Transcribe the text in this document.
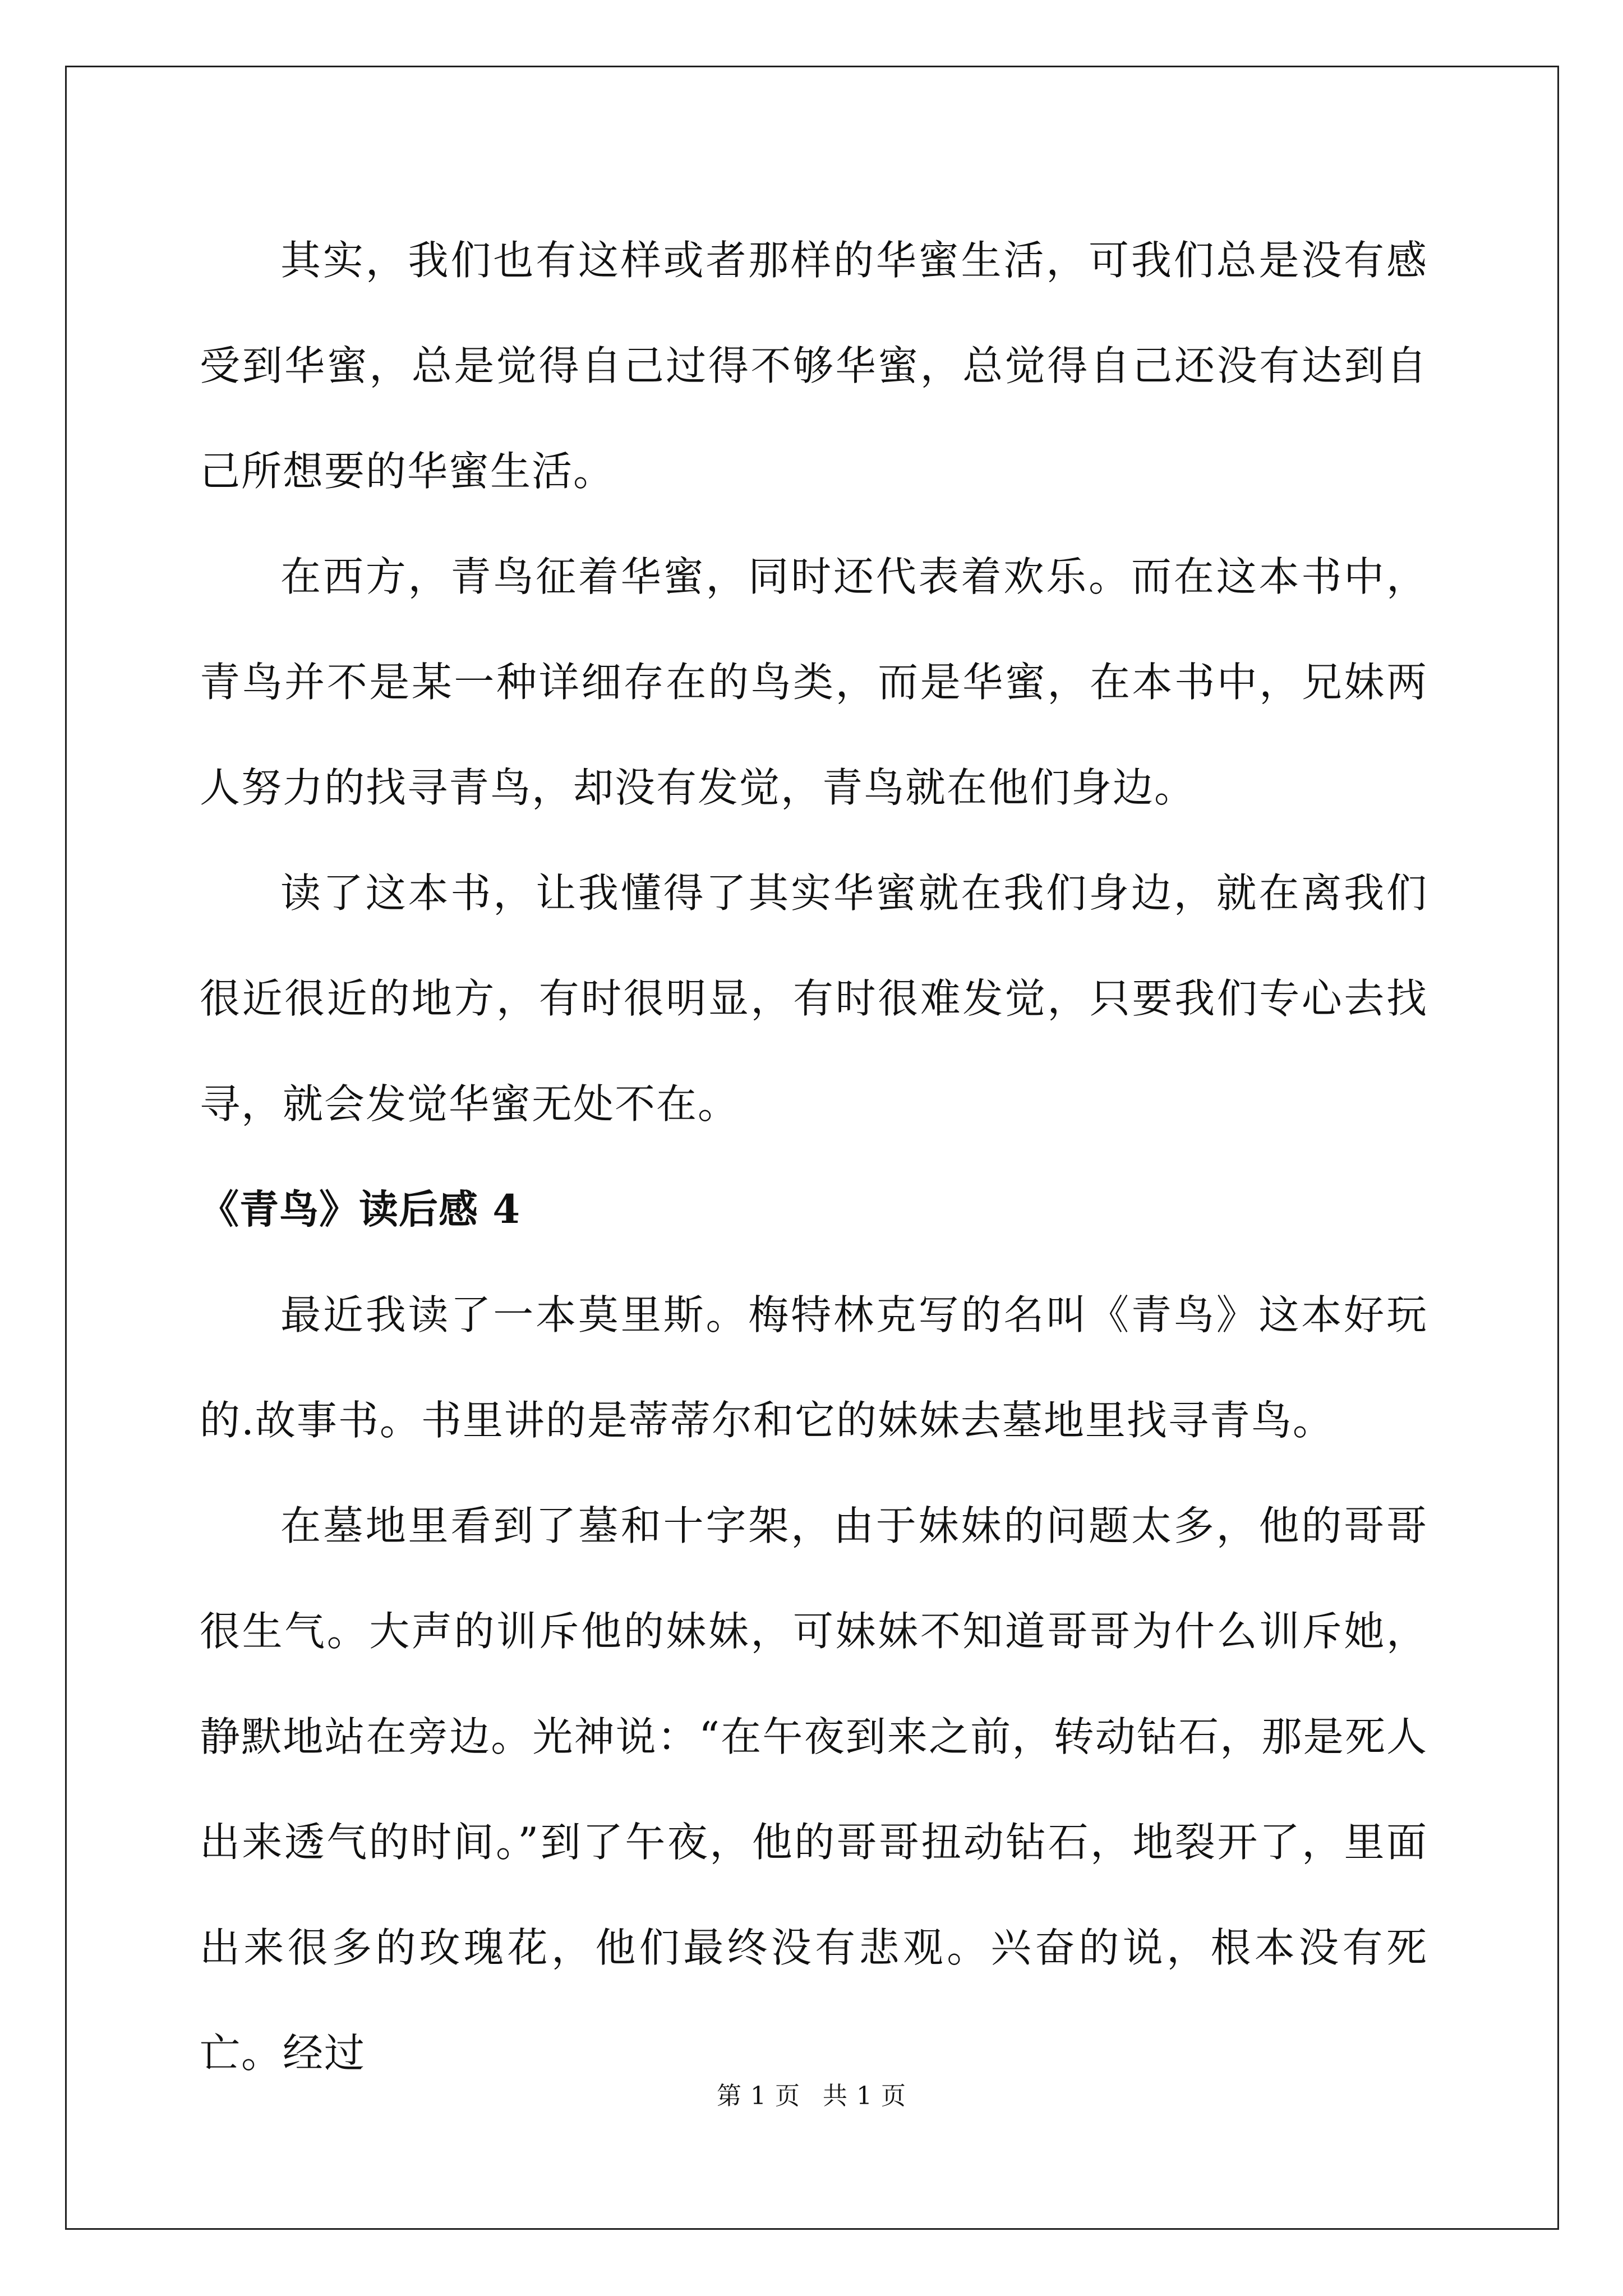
其实，我们也有这样或者那样的华蜜生活，可我们总是没有感受到华蜜，总是觉得自己过得不够华蜜，总觉得自己还没有达到自己所想要的华蜜生活。

在西方，青鸟征着华蜜，同时还代表着欢乐。而在这本书中，青鸟并不是某一种详细存在的鸟类，而是华蜜，在本书中，兄妹两人努力的找寻青鸟，却没有发觉，青鸟就在他们身边。

读了这本书，让我懂得了其实华蜜就在我们身边，就在离我们很近很近的地方，有时很明显，有时很难发觉，只要我们专心去找寻，就会发觉华蜜无处不在。

《青鸟》读后感 4

最近我读了一本莫里斯。梅特林克写的名叫《青鸟》这本好玩的.故事书。书里讲的是蒂蒂尔和它的妹妹去墓地里找寻青鸟。

在墓地里看到了墓和十字架，由于妹妹的问题太多，他的哥哥很生气。大声的训斥他的妹妹，可妹妹不知道哥哥为什么训斥她，静默地站在旁边。光神说：“在午夜到来之前，转动钻石，那是死人出来透气的时间。”到了午夜，他的哥哥扭动钻石，地裂开了，里面出来很多的玫瑰花，他们最终没有悲观。兴奋的说，根本没有死亡。经过

第 1 页 共 1 页
